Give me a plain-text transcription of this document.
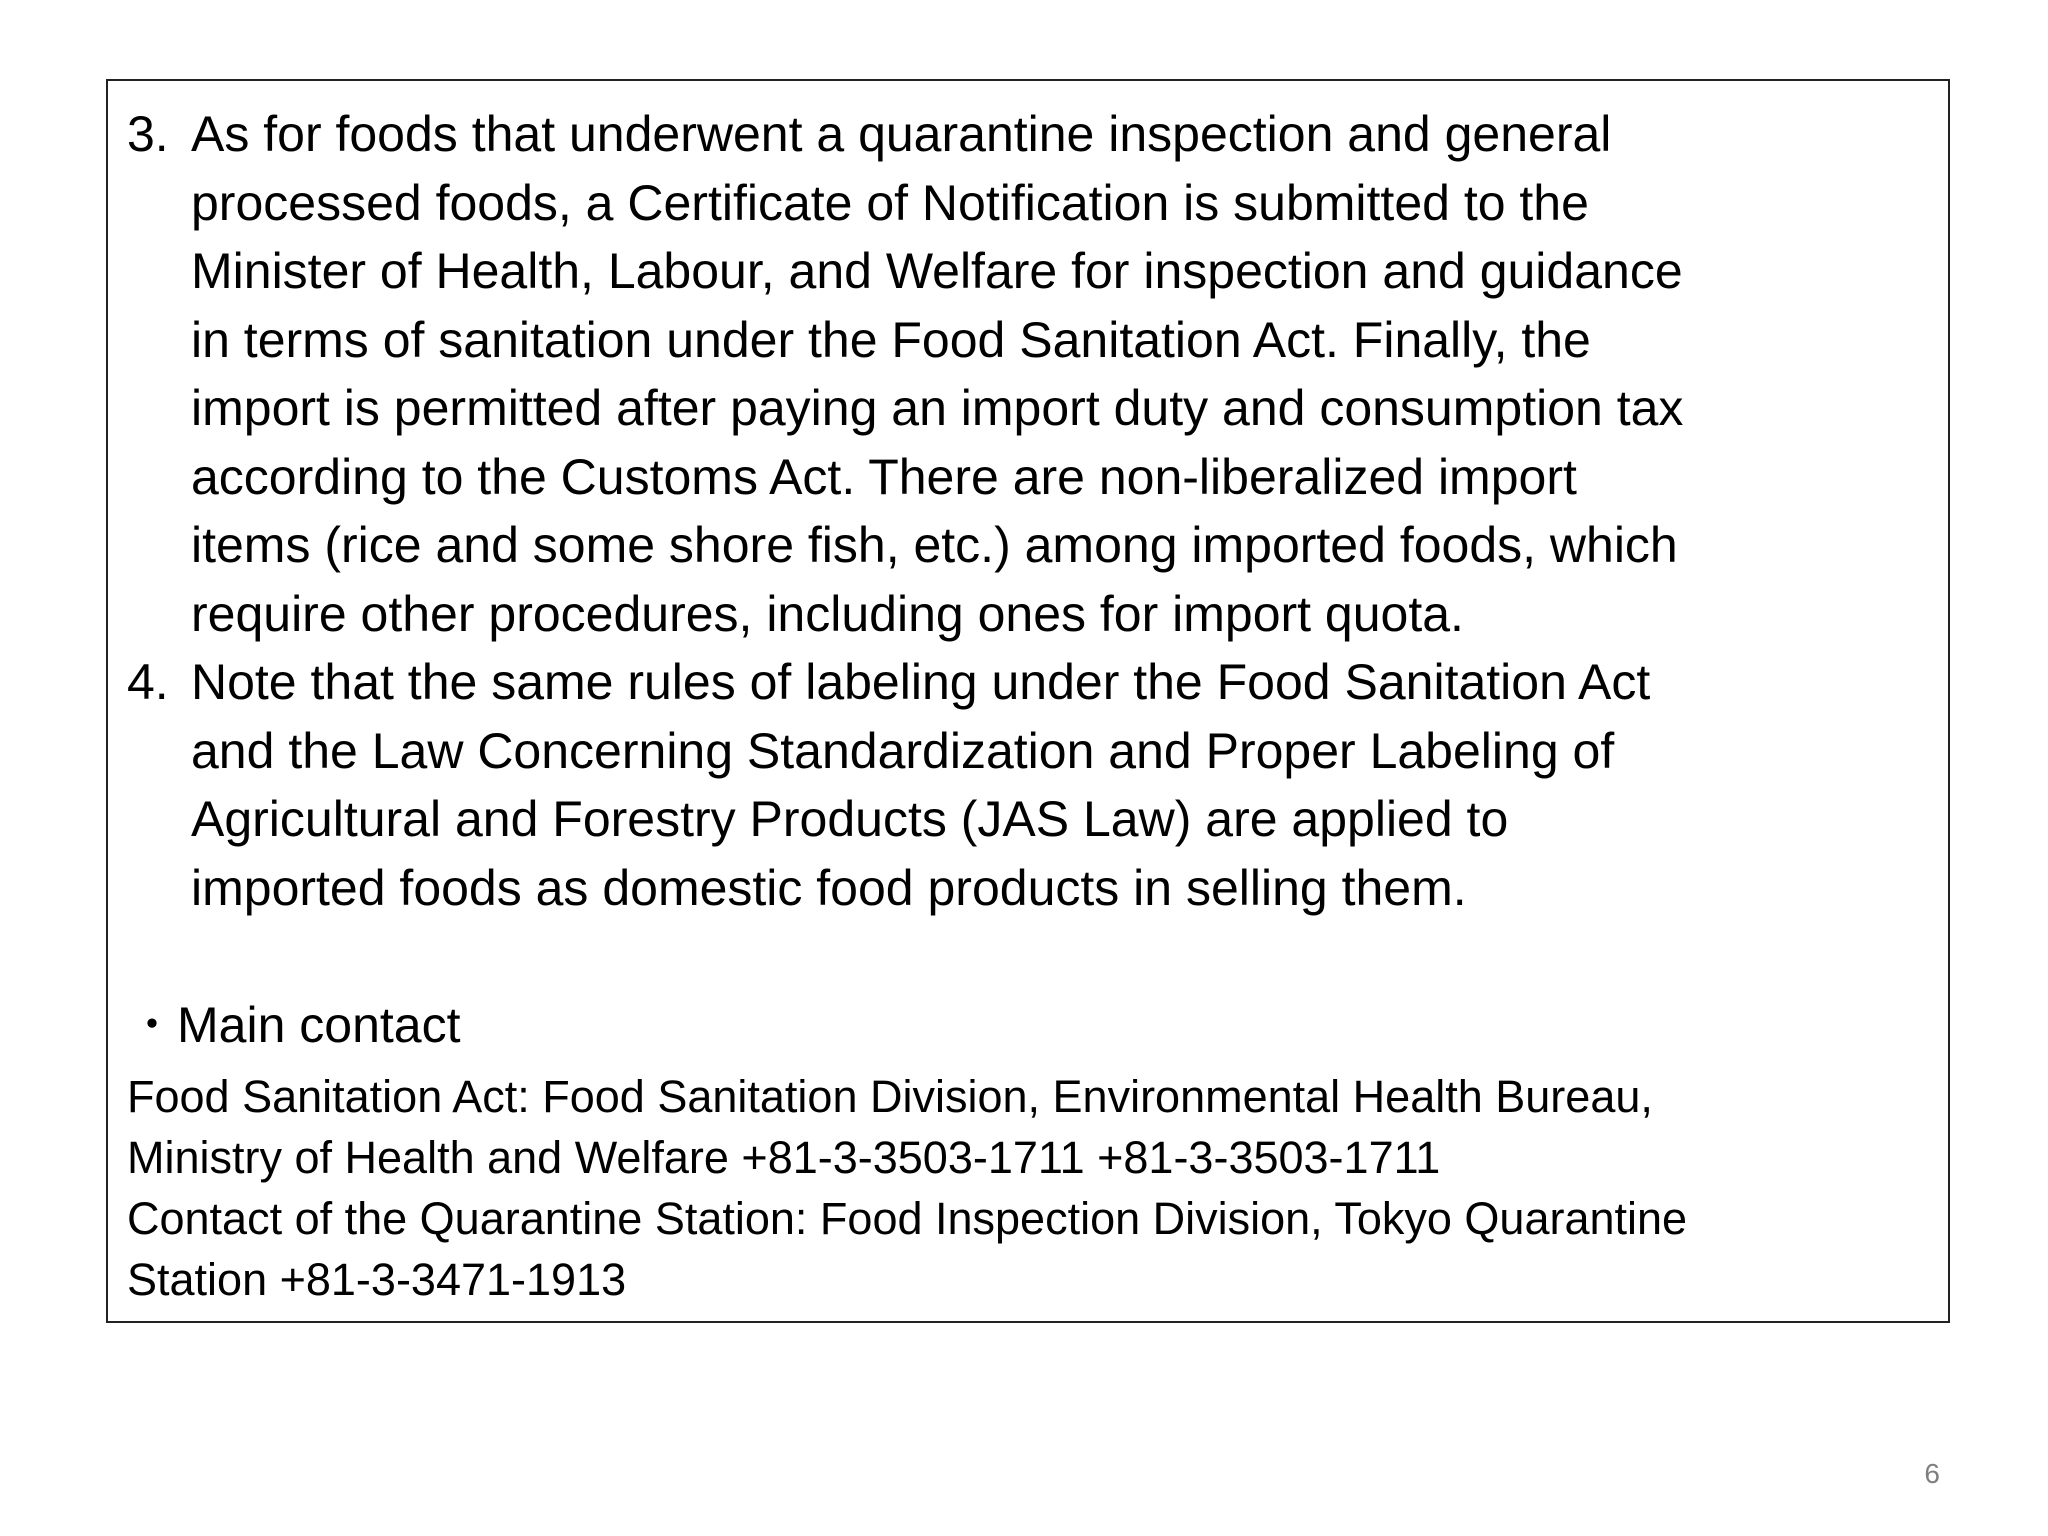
3. As for foods that underwent a quarantine inspection and general
processed foods, a Certificate of Notification is submitted to the
Minister of Health, Labour, and Welfare for inspection and guidance
in terms of sanitation under the Food Sanitation Act. Finally, the
import is permitted after paying an import duty and consumption tax
according to the Customs Act. There are non-liberalized import
items (rice and some shore fish, etc.) among imported foods, which
require other procedures, including ones for import quota.
4. Note that the same rules of labeling under the Food Sanitation Act
and the Law Concerning Standardization and Proper Labeling of
Agricultural and Forestry Products (JAS Law) are applied to
imported foods as domestic food products in selling them.
・Main contact
Food Sanitation Act: Food Sanitation Division, Environmental Health Bureau,
Ministry of Health and Welfare +81-3-3503-1711 +81-3-3503-1711
Contact of the Quarantine Station: Food Inspection Division, Tokyo Quarantine
Station +81-3-3471-1913
6
